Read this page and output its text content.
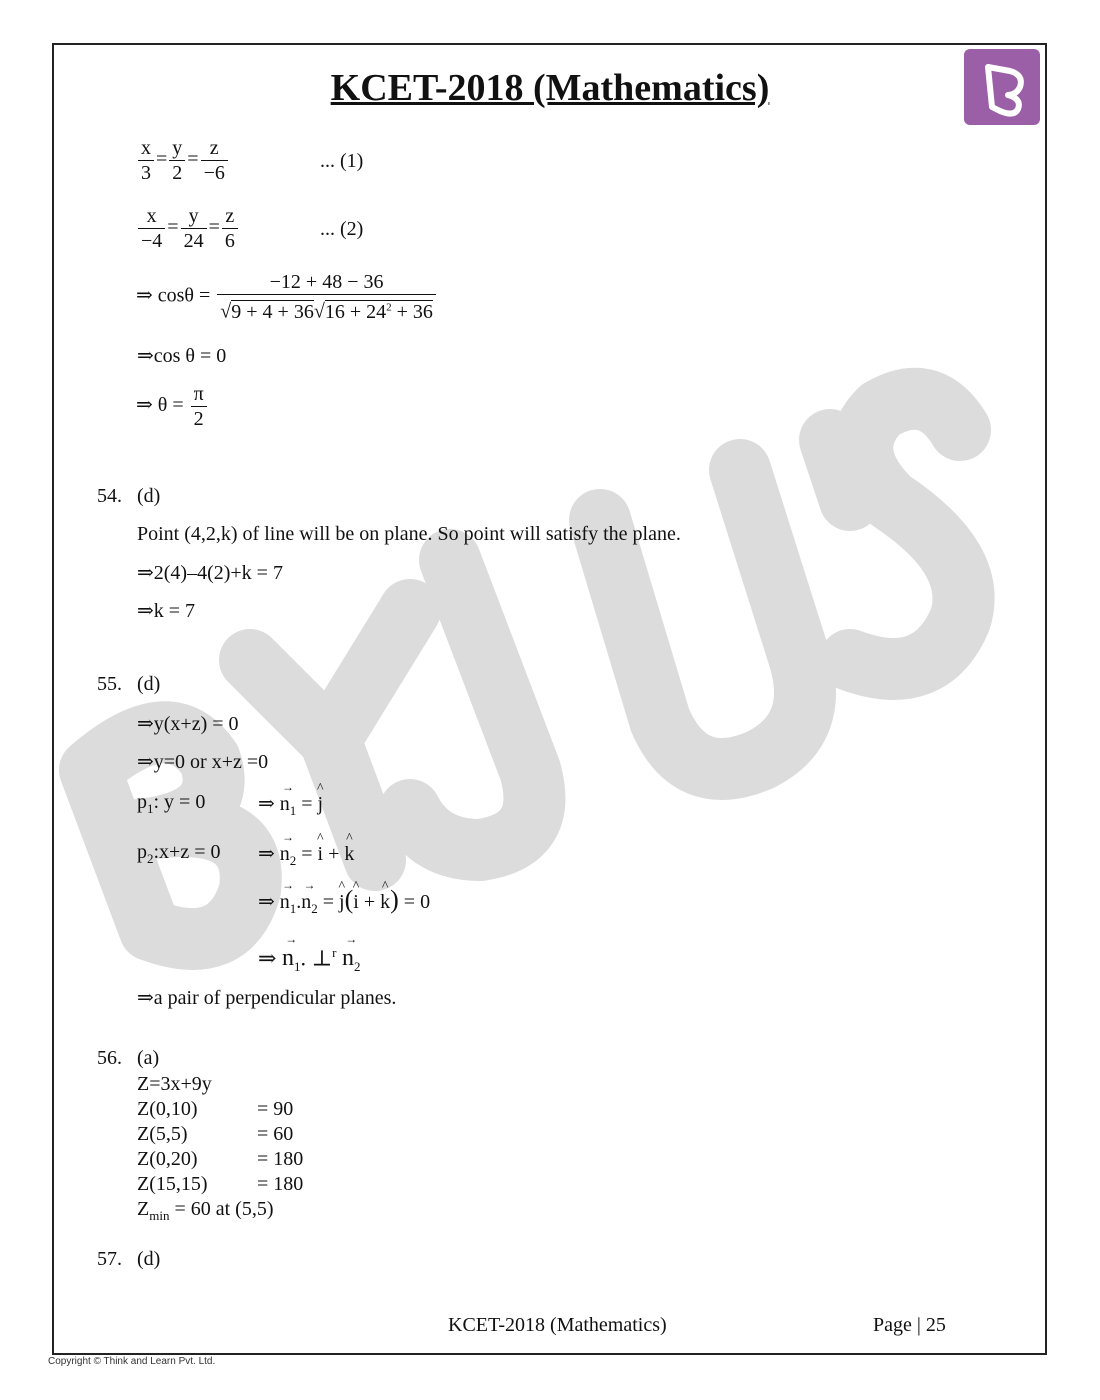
KCET-2018 (Mathematics)
$\frac{x}{3} = \frac{y}{2} = \frac{z}{-6}$	... (1)
$\frac{x}{-4} = \frac{y}{24} = \frac{z}{6}$	... (2)
⇒ $\cos\theta = \frac{-12 + 48 - 36}{√9 + 4 + 36√16 + 24^2 + 36}$
⇒cos θ = 0
⇒ $\theta = \frac{\pi}{2}$
54. (d)
Point (4,2,k) of line will be on plane. So point will satisfy the plane.
⇒2(4)–4(2)+k = 7
⇒k = 7
55. (d)
⇒y(x+z) = 0
⇒y=0 or x+z =0
$p_1$: y = 0	⇒ → $n_1$ = ^ j
$p_2:x+z = 0$ ⇒ → $n_2$ = ^ i + ^ k
⇒ → $n_1.\to n_2$ = ^ j(^ i + ^ k) = 0
⇒ → $n_1$. ⊥$^r$ → $n_2$
⇒a pair of perpendicular planes.
56. (a)
Z=3x+9y
Z(0,10)	= 90
Z(5,5)	= 60
Z(0,20)	= 180
Z(15,15) = 180
$Z_{min} = 60$ at (5,5)
57. (d)
KCET-2018 (Mathematics)	Page | 25
Copyright © Think and Learn Pvt. Ltd.
